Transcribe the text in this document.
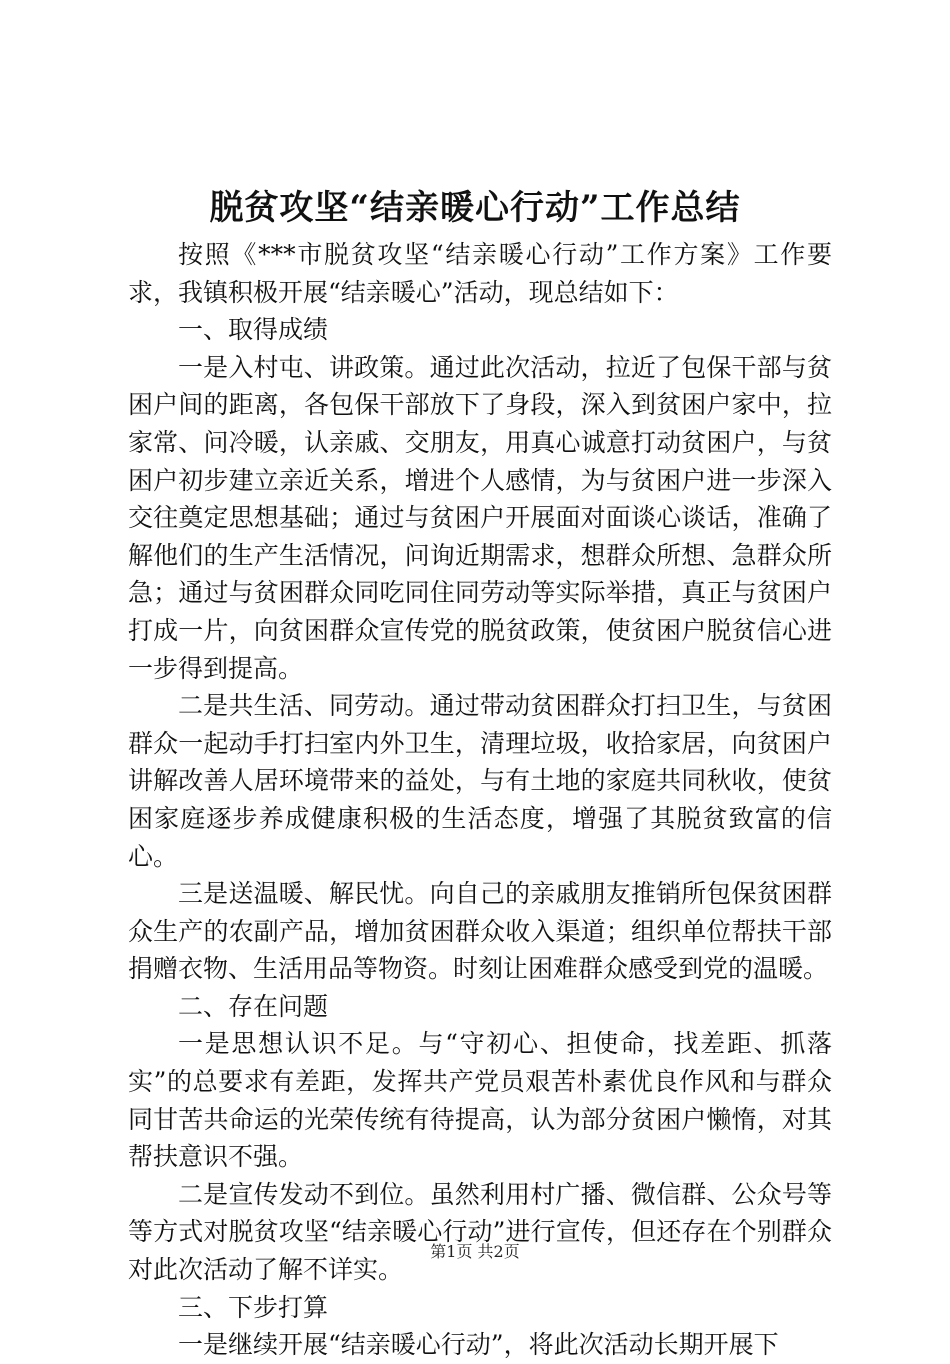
脱贫攻坚“结亲暖心行动”工作总结

按照《***市脱贫攻坚“结亲暖心行动”工作方案》工作要求，我镇积极开展“结亲暖心”活动，现总结如下：

一、取得成绩

一是入村屯、讲政策。通过此次活动，拉近了包保干部与贫困户间的距离，各包保干部放下了身段，深入到贫困户家中，拉家常、问冷暖，认亲戚、交朋友，用真心诚意打动贫困户，与贫困户初步建立亲近关系，增进个人感情，为与贫困户进一步深入交往奠定思想基础；通过与贫困户开展面对面谈心谈话，准确了解他们的生产生活情况，问询近期需求，想群众所想、急群众所急；通过与贫困群众同吃同住同劳动等实际举措，真正与贫困户打成一片，向贫困群众宣传党的脱贫政策，使贫困户脱贫信心进一步得到提高。

二是共生活、同劳动。通过带动贫困群众打扫卫生，与贫困群众一起动手打扫室内外卫生，清理垃圾，收拾家居，向贫困户讲解改善人居环境带来的益处，与有土地的家庭共同秋收，使贫困家庭逐步养成健康积极的生活态度，增强了其脱贫致富的信心。

三是送温暖、解民忧。向自己的亲戚朋友推销所包保贫困群众生产的农副产品，增加贫困群众收入渠道；组织单位帮扶干部捐赠衣物、生活用品等物资。时刻让困难群众感受到党的温暖。

二、存在问题

一是思想认识不足。与“守初心、担使命，找差距、抓落实”的总要求有差距，发挥共产党员艰苦朴素优良作风和与群众同甘苦共命运的光荣传统有待提高，认为部分贫困户懒惰，对其帮扶意识不强。

二是宣传发动不到位。虽然利用村广播、微信群、公众号等等方式对脱贫攻坚“结亲暖心行动”进行宣传，但还存在个别群众对此次活动了解不详实。

三、下步打算

一是继续开展“结亲暖心行动”，将此次活动长期开展下

第1页 共2页
